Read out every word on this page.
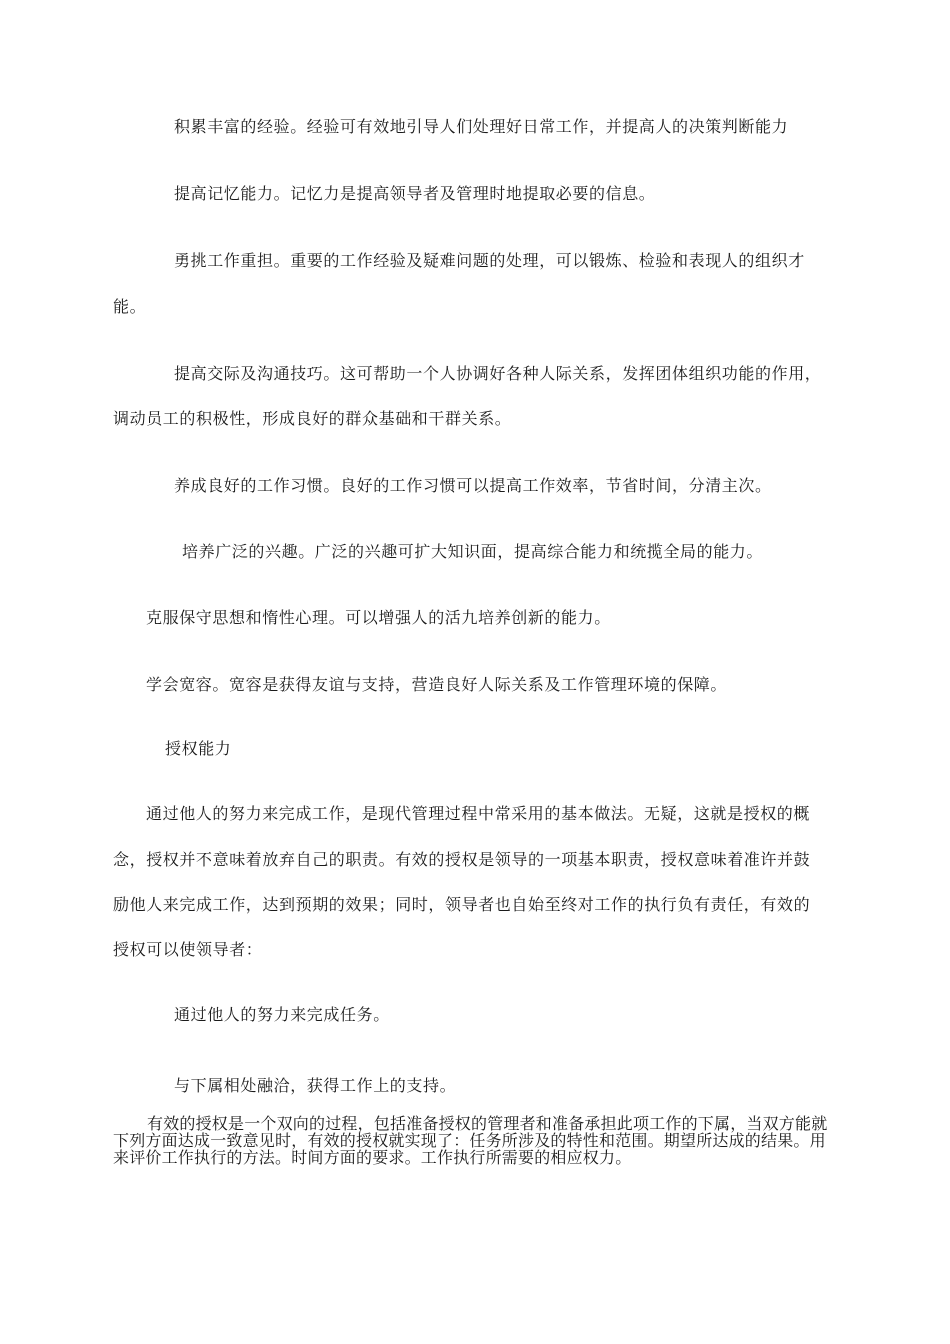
积累丰富的经验。经验可有效地引导人们处理好日常工作，并提高人的决策判断能力
提高记忆能力。记忆力是提高领导者及管理时地提取必要的信息。
勇挑工作重担。重要的工作经验及疑难问题的处理，可以锻炼、检验和表现人的组织才
能。
提高交际及沟通技巧。这可帮助一个人协调好各种人际关系，发挥团体组织功能的作用，
调动员工的积极性，形成良好的群众基础和干群关系。
养成良好的工作习惯。良好的工作习惯可以提高工作效率，节省时间，分清主次。
培养广泛的兴趣。广泛的兴趣可扩大知识面，提高综合能力和统揽全局的能力。
克服保守思想和惰性心理。可以增强人的活九培养创新的能力。
学会宽容。宽容是获得友谊与支持，营造良好人际关系及工作管理环境的保障。
授权能力
通过他人的努力来完成工作，是现代管理过程中常采用的基本做法。无疑，这就是授权的概
念，授权并不意味着放弃自己的职责。有效的授权是领导的一项基本职责，授权意味着准许并鼓
励他人来完成工作，达到预期的效果；同时，领导者也自始至终对工作的执行负有责任，有效的
授权可以使领导者：
通过他人的努力来完成任务。
与下属相处融洽，获得工作上的支持。
有效的授权是一个双向的过程，包括准备授权的管理者和准备承担此项工作的下属，当双方能就下列方面达成一致意见时，有效的授权就实现了：任务所涉及的特性和范围。期望所达成的结果。用来评价工作执行的方法。时间方面的要求。工作执行所需要的相应权力。
